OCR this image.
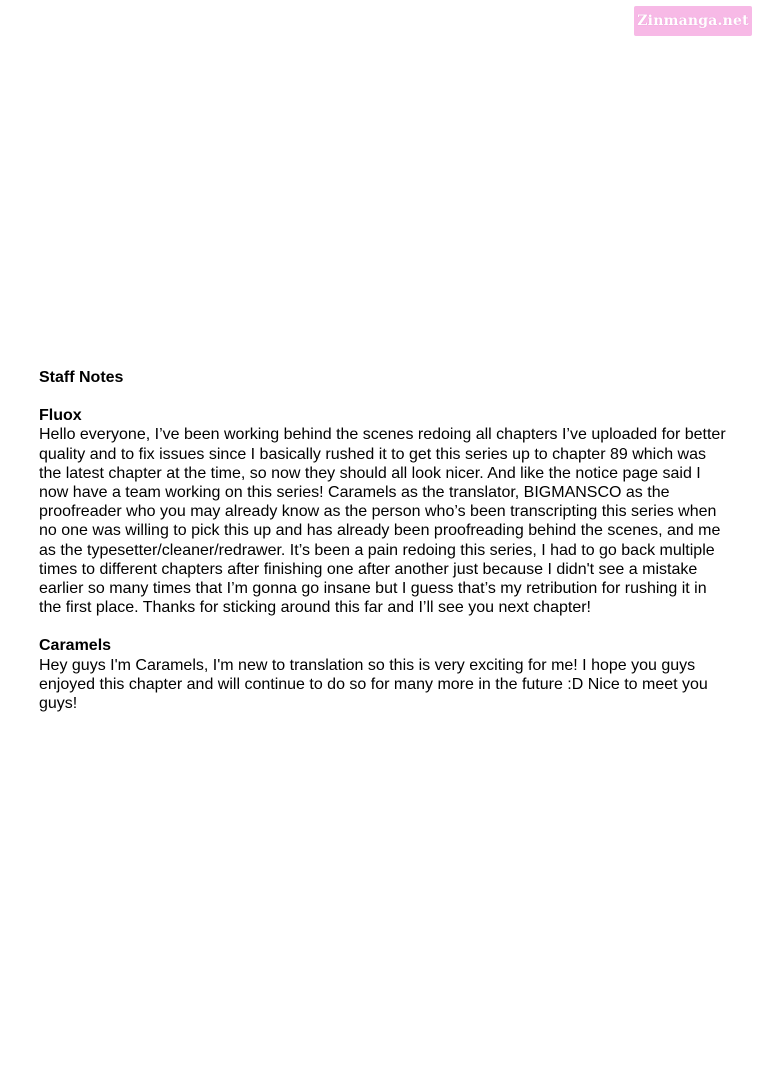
Zinmanga.net
Staff Notes

Fluox

Hello everyone, I’ve been working behind the scenes redoing all chapters I’ve uploaded for better quality and to fix issues since I basically rushed it to get this series up to chapter 89 which was the latest chapter at the time, so now they should all look nicer. And like the notice page said I now have a team working on this series! Caramels as the translator, BIGMANSCO as the proofreader who you may already know as the person who’s been transcripting this series when no one was willing to pick this up and has already been proofreading behind the scenes, and me as the typesetter/cleaner/redrawer. It’s been a pain redoing this series, I had to go back multiple times to different chapters after finishing one after another just because I didn't see a mistake earlier so many times that I’m gonna go insane but I guess that’s my retribution for rushing it in the first place. Thanks for sticking around this far and I’ll see you next chapter!

Caramels

Hey guys I'm Caramels, I'm new to translation so this is very exciting for me! I hope you guys enjoyed this chapter and will continue to do so for many more in the future :D Nice to meet you guys!
